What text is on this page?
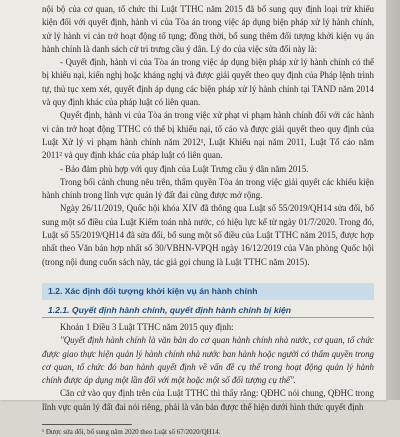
nội bộ của cơ quan, tổ chức thì Luật TTHC năm 2015 đã bổ sung quy định loại trừ khiếu kiện đối với quyết định, hành vi của Tòa án trong việc áp dụng biện pháp xử lý hành chính, xử lý hành vi cản trở hoạt động tố tụng; đồng thời, bổ sung thêm đối tượng khởi kiện vụ án hành chính là danh sách cử tri trưng cầu ý dân. Lý do của việc sửa đổi này là:

- Quyết định, hành vi của Tòa án trong việc áp dụng biện pháp xử lý hành chính có thể bị khiếu nại, kiến nghị hoặc kháng nghị và được giải quyết theo quy định của Pháp lệnh trình tự, thủ tục xem xét, quyết định áp dụng các biện pháp xử lý hành chính tại TAND năm 2014 và quy định khác của pháp luật có liên quan.

Quyết định, hành vi của Tòa án trong việc xử phạt vi phạm hành chính đối với các hành vi cản trở hoạt động TTHC có thể bị khiếu nại, tố cáo và được giải quyết theo quy định của Luật Xử lý vi phạm hành chính năm 2012¹, Luật Khiếu nại năm 2011, Luật Tố cáo năm 2011² và quy định khác của pháp luật có liên quan.

- Bảo đảm phù hợp với quy định của Luật Trưng cầu ý dân năm 2015.

Trong bối cảnh chung nêu trên, thẩm quyền Tòa án trong việc giải quyết các khiếu kiện hành chính trong lĩnh vực quản lý đất đai cũng được mở rộng.

Ngày 26/11/2019, Quốc hội khóa XIV đã thông qua Luật số 55/2019/QH14 sửa đổi, bổ sung một số điều của Luật Kiểm toán nhà nước, có hiệu lực kể từ ngày 01/7/2020. Trong đó, Luật số 55/2019/QH14 đã sửa đổi, bổ sung một số điều của Luật TTHC năm 2015, được hợp nhất theo Văn bản hợp nhất số 30/VBHN-VPQH ngày 16/12/2019 của Văn phòng Quốc hội (trong nội dung cuốn sách này, tác giả gọi chung là Luật TTHC năm 2015).

1.2. Xác định đối tượng khởi kiện vụ án hành chính
1.2.1. Quyết định hành chính, quyết định hành chính bị kiện

Khoản 1 Điều 3 Luật TTHC năm 2015 quy định:

"Quyết định hành chính là văn bản do cơ quan hành chính nhà nước, cơ quan, tổ chức được giao thực hiện quản lý hành chính nhà nước ban hành hoặc người có thẩm quyền trong cơ quan, tổ chức đó ban hành quyết định về vấn đề cụ thể trong hoạt động quản lý hành chính được áp dụng một lần đối với một hoặc một số đối tượng cụ thể".

Căn cứ vào quy định trên của Luật TTHC thì thấy rằng: QĐHC nói chung, QĐHC trong lĩnh vực quản lý đất đai nói riêng, phải là văn bản được thể hiện dưới hình thức quyết định

¹ Được sửa đổi, bổ sung năm 2020 theo Luật số 67/2020/QH14.
